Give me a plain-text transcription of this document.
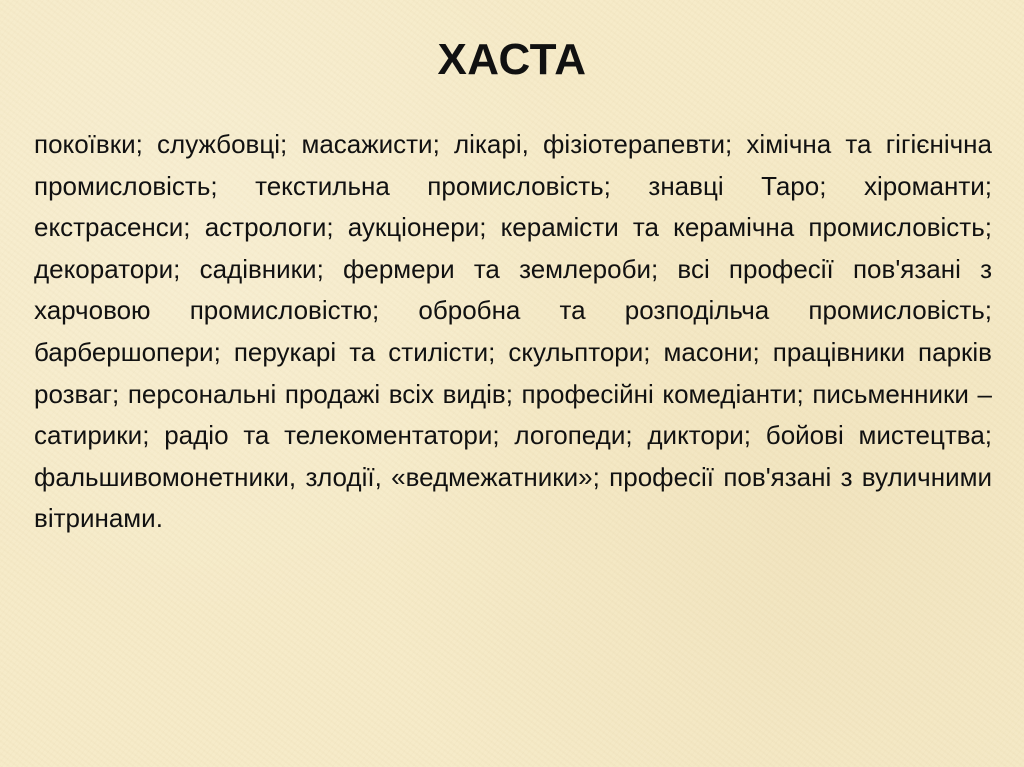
ХАСТА

покоївки; службовці; масажисти; лікарі, фізіотерапевти; хімічна та гігієнічна промисловість; текстильна промисловість; знавці Таро; хіроманти; екстрасенси; астрологи; аукціонери; керамісти та керамічна промисловість; декоратори; садівники; фермери та землероби; всі професії пов'язані з харчовою промисловістю; обробна та розподільча промисловість; барбершопери; перукарі та стилісти; скульптори; масони; працівники парків розваг; персональні продажі всіх видів; професійні комедіанти; письменники – сатирики; радіо та телекоментатори; логопеди; диктори; бойові мистецтва; фальшивомонетники, злодії, «ведмежатники»; професії пов'язані з вуличними вітринами.
